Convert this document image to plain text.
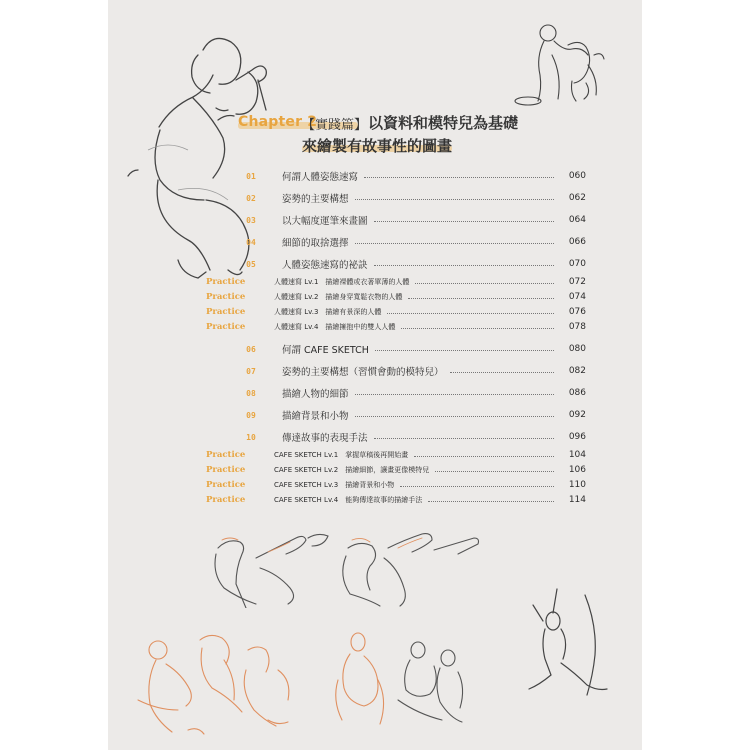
Chapter 2
【實踐篇】 以資料和模特兒為基礎
來繪製有故事性的圖畫
01	何謂人體姿態速寫	060
02	姿勢的主要構想	062
03	以大幅度運筆來畫圖	064
04	細節的取捨選擇	066
05	人體姿態速寫的祕訣	070
Practice	人體速寫 Lv.1　描繪裸體或衣著單薄的人體	072
Practice	人體速寫 Lv.2　描繪身穿寬鬆衣物的人體	074
Practice	人體速寫 Lv.3　描繪有景深的人體	076
Practice	人體速寫 Lv.4　描繪擁抱中的雙人人體	078
06	何謂 CAFE SKETCH	080
07	姿勢的主要構想（習慣會動的模特兒）	082
08	描繪人物的細節	086
09	描繪背景和小物	092
10	傳達故事的表現手法	096
Practice	CAFE SKETCH Lv.1　掌握草稿後再開始畫	104
Practice	CAFE SKETCH Lv.2　描繪細節，讓畫更像模特兒	106
Practice	CAFE SKETCH Lv.3　描繪背景和小物	110
Practice	CAFE SKETCH Lv.4　能夠傳達故事的描繪手法	114
